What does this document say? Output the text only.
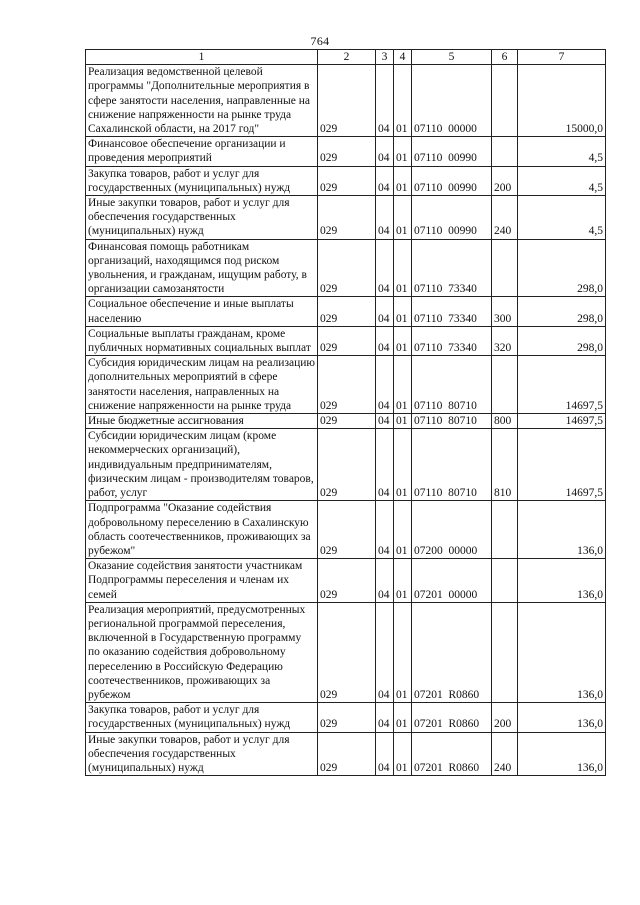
764
1	2	3	4	5	6	7
Реализация ведомственной целевой программы "Дополнительные мероприятия в сфере занятости населения, направленные на снижение напряженности на рынке труда Сахалинской области, на 2017 год"	029	04	01	07110  00000		15000,0
Финансовое обеспечение организации и проведения мероприятий	029	04	01	07110  00990		4,5
Закупка товаров, работ и услуг для государственных (муниципальных) нужд	029	04	01	07110  00990	200	4,5
Иные закупки товаров, работ и услуг для обеспечения государственных (муниципальных) нужд	029	04	01	07110  00990	240	4,5
Финансовая помощь работникам организаций, находящимся под риском увольнения, и гражданам, ищущим работу, в организации самозанятости	029	04	01	07110  73340		298,0
Социальное обеспечение и иные выплаты населению	029	04	01	07110  73340	300	298,0
Социальные выплаты гражданам, кроме публичных нормативных социальных выплат	029	04	01	07110  73340	320	298,0
Субсидия юридическим лицам на реализацию дополнительных мероприятий в сфере занятости населения, направленных на снижение напряженности на рынке труда	029	04	01	07110  80710		14697,5
Иные бюджетные ассигнования	029	04	01	07110  80710	800	14697,5
Субсидии юридическим лицам (кроме некоммерческих организаций), индивидуальным предпринимателям, физическим лицам - производителям товаров, работ, услуг	029	04	01	07110  80710	810	14697,5
Подпрограмма "Оказание содействия добровольному переселению в Сахалинскую область соотечественников, проживающих за рубежом"	029	04	01	07200  00000		136,0
Оказание содействия занятости участникам Подпрограммы переселения и членам их семей	029	04	01	07201  00000		136,0
Реализация мероприятий, предусмотренных региональной программой переселения, включенной в Государственную программу по оказанию содействия добровольному переселению в Российскую Федерацию соотечественников, проживающих за рубежом	029	04	01	07201  R0860		136,0
Закупка товаров, работ и услуг для государственных (муниципальных) нужд	029	04	01	07201  R0860	200	136,0
Иные закупки товаров, работ и услуг для обеспечения государственных (муниципальных) нужд	029	04	01	07201  R0860	240	136,0
